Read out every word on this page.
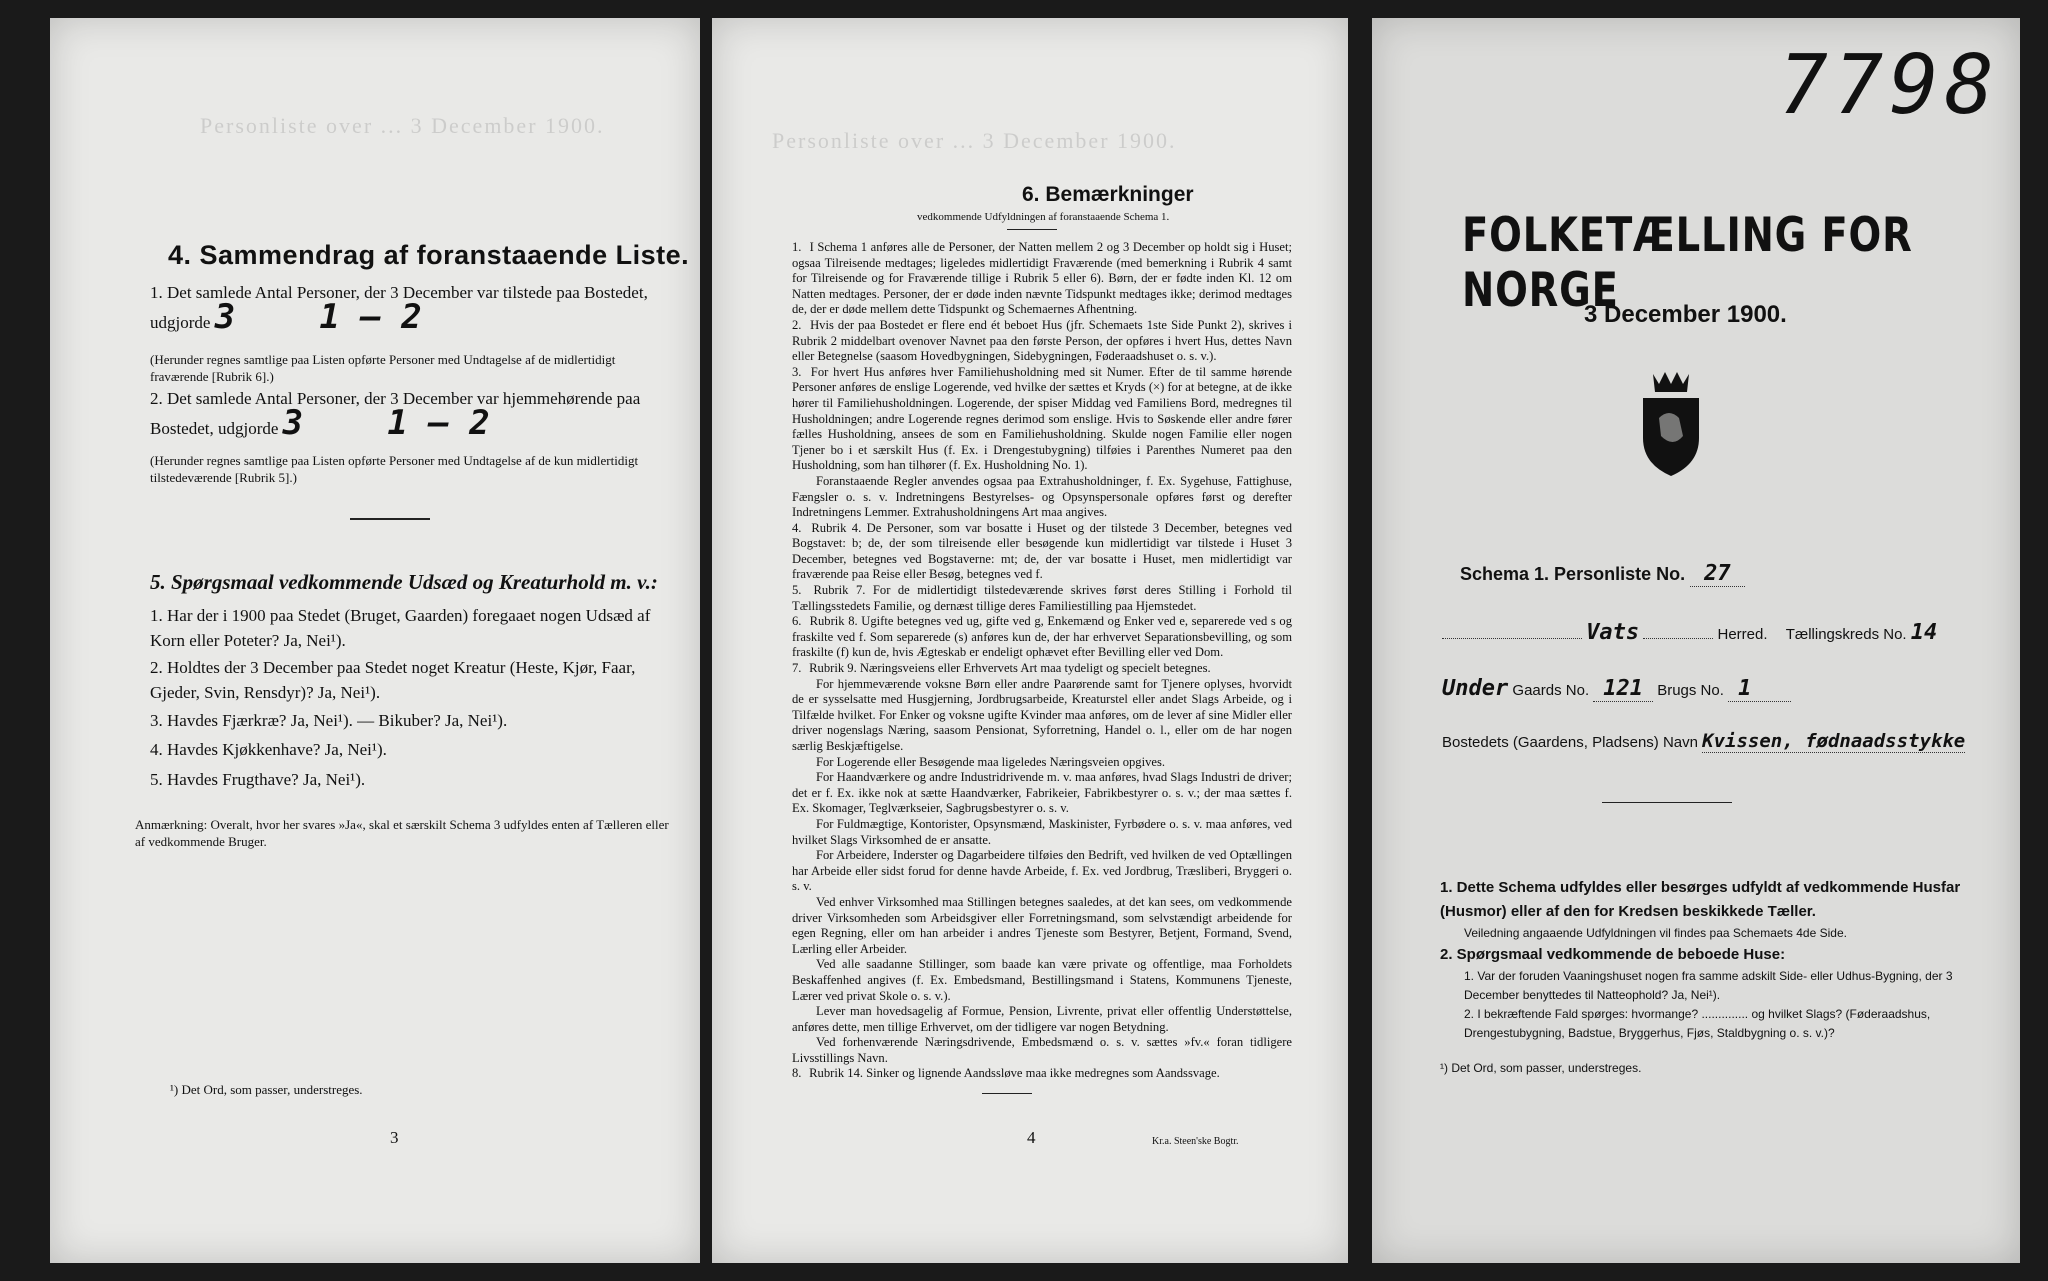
Personliste over ... 3 December 1900.
4. Sammendrag af foranstaaende Liste.
1. Det samlede Antal Personer, der 3 December var tilstede paa Bostedet, udgjorde 3 1 — 2
(Herunder regnes samtlige paa Listen opførte Personer med Undtagelse af de midlertidigt fraværende [Rubrik 6].)
2. Det samlede Antal Personer, der 3 December var hjemmehørende paa Bostedet, udgjorde 3 1 — 2
(Herunder regnes samtlige paa Listen opførte Personer med Undtagelse af de kun midlertidigt tilstedeværende [Rubrik 5].)
5. Spørgsmaal vedkommende Udsæd og Kreaturhold m. v.:
1. Har der i 1900 paa Stedet (Bruget, Gaarden) foregaaet nogen Udsæd af Korn eller Poteter? Ja, Nei¹).
2. Holdtes der 3 December paa Stedet noget Kreatur (Heste, Kjør, Faar, Gjeder, Svin, Rensdyr)? Ja, Nei¹).
3. Havdes Fjærkræ? Ja, Nei¹). — Bikuber? Ja, Nei¹).
4. Havdes Kjøkkenhave? Ja, Nei¹).
5. Havdes Frugthave? Ja, Nei¹).
Anmærkning: Overalt, hvor her svares »Ja«, skal et særskilt Schema 3 udfyldes enten af Tælleren eller af vedkommende Bruger.
¹) Det Ord, som passer, understreges.
3
Personliste over ... 3 December 1900.
6. Bemærkninger
vedkommende Udfyldningen af foranstaaende Schema 1.

1. I Schema 1 anføres alle de Personer, der Natten mellem 2 og 3 December op holdt sig i Huset; ogsaa Tilreisende medtages; ligeledes midlertidigt Fraværende (med bemerkning i Rubrik 4 samt for Tilreisende og for Fraværende tillige i Rubrik 5 eller 6). Børn, der er fødte inden Kl. 12 om Natten medtages. Personer, der er døde inden nævnte Tidspunkt medtages ikke; derimod medtages de, der er døde mellem dette Tidspunkt og Schemaernes Afhentning.

2. Hvis der paa Bostedet er flere end ét beboet Hus (jfr. Schemaets 1ste Side Punkt 2), skrives i Rubrik 2 middelbart ovenover Navnet paa den første Person, der opføres i hvert Hus, dettes Navn eller Betegnelse (saasom Hovedbygningen, Sidebygningen, Føderaadshuset o. s. v.).

3. For hvert Hus anføres hver Familiehusholdning med sit Numer. Efter de til samme hørende Personer anføres de enslige Logerende, ved hvilke der sættes et Kryds (×) for at betegne, at de ikke hører til Familiehusholdningen. Logerende, der spiser Middag ved Familiens Bord, medregnes til Husholdningen; andre Logerende regnes derimod som enslige. Hvis to Søskende eller andre fører fælles Husholdning, ansees de som en Familiehusholdning. Skulde nogen Familie eller nogen Tjener bo i et særskilt Hus (f. Ex. i Drengestubygning) tilføies i Parenthes Numeret paa den Husholdning, som han tilhører (f. Ex. Husholdning No. 1).

Foranstaaende Regler anvendes ogsaa paa Extrahusholdninger, f. Ex. Sygehuse, Fattighuse, Fængsler o. s. v. Indretningens Bestyrelses- og Opsynspersonale opføres først og derefter Indretningens Lemmer. Extrahusholdningens Art maa angives.

4. Rubrik 4. De Personer, som var bosatte i Huset og der tilstede 3 December, betegnes ved Bogstavet: b; de, der som tilreisende eller besøgende kun midlertidigt var tilstede i Huset 3 December, betegnes ved Bogstaverne: mt; de, der var bosatte i Huset, men midlertidigt var fraværende paa Reise eller Besøg, betegnes ved f.

5. Rubrik 7. For de midlertidigt tilstedeværende skrives først deres Stilling i Forhold til Tællingsstedets Familie, og dernæst tillige deres Familiestilling paa Hjemstedet.

6. Rubrik 8. Ugifte betegnes ved ug, gifte ved g, Enkemænd og Enker ved e, separerede ved s og fraskilte ved f. Som separerede (s) anføres kun de, der har erhvervet Separationsbevilling, og som fraskilte (f) kun de, hvis Ægteskab er endeligt ophævet efter Bevilling eller ved Dom.

7. Rubrik 9. Næringsveiens eller Erhvervets Art maa tydeligt og specielt betegnes.

For hjemmeværende voksne Børn eller andre Paarørende samt for Tjenere oplyses, hvorvidt de er sysselsatte med Husgjerning, Jordbrugsarbeide, Kreaturstel eller andet Slags Arbeide, og i Tilfælde hvilket. For Enker og voksne ugifte Kvinder maa anføres, om de lever af sine Midler eller driver nogenslags Næring, saasom Pensionat, Syforretning, Handel o. l., eller om de har nogen særlig Beskjæftigelse.

For Logerende eller Besøgende maa ligeledes Næringsveien opgives.

For Haandværkere og andre Industridrivende m. v. maa anføres, hvad Slags Industri de driver; det er f. Ex. ikke nok at sætte Haandværker, Fabrikeier, Fabrikbestyrer o. s. v.; der maa sættes f. Ex. Skomager, Teglværkseier, Sagbrugsbestyrer o. s. v.

For Fuldmægtige, Kontorister, Opsynsmænd, Maskinister, Fyrbødere o. s. v. maa anføres, ved hvilket Slags Virksomhed de er ansatte.

For Arbeidere, Inderster og Dagarbeidere tilføies den Bedrift, ved hvilken de ved Optællingen har Arbeide eller sidst forud for denne havde Arbeide, f. Ex. ved Jordbrug, Træsliberi, Bryggeri o. s. v.

Ved enhver Virksomhed maa Stillingen betegnes saaledes, at det kan sees, om vedkommende driver Virksomheden som Arbeidsgiver eller Forretningsmand, som selvstændigt arbeidende for egen Regning, eller om han arbeider i andres Tjeneste som Bestyrer, Betjent, Formand, Svend, Lærling eller Arbeider.

Ved alle saadanne Stillinger, som baade kan være private og offentlige, maa Forholdets Beskaffenhed angives (f. Ex. Embedsmand, Bestillingsmand i Statens, Kommunens Tjeneste, Lærer ved privat Skole o. s. v.).

Lever man hovedsagelig af Formue, Pension, Livrente, privat eller offentlig Understøttelse, anføres dette, men tillige Erhvervet, om der tidligere var nogen Betydning.

Ved forhenværende Næringsdrivende, Embedsmænd o. s. v. sættes »fv.« foran tidligere Livsstillings Navn.

8. Rubrik 14. Sinker og lignende Aandssløve maa ikke medregnes som Aandssvage.

4	Kr.a. Steen'ske Bogtr.
7798
FOLKETÆLLING FOR NORGE
3 December 1900.
Schema 1. Personliste No. 27
Vats	Herred. Tællingskreds No. 14
Under Gaards No. 121 Brugs No. 1
Bostedets (Gaardens, Pladsens) Navn Kvissen, fødnaadsstykke

1. Dette Schema udfyldes eller besørges udfyldt af vedkommende Husfar (Husmor) eller af den for Kredsen beskikkede Tæller.

Veiledning angaaende Udfyldningen vil findes paa Schemaets 4de Side.

2. Spørgsmaal vedkommende de beboede Huse:

1. Var der foruden Vaaningshuset nogen fra samme adskilt Side- eller Udhus-Bygning, der 3 December benyttedes til Natteophold? Ja, Nei¹).

2. I bekræftende Fald spørges: hvormange? .............. og hvilket Slags? (Føderaadshus, Drengestubygning, Badstue, Bryggerhus, Fjøs, Staldbygning o. s. v.)?

¹) Det Ord, som passer, understreges.
